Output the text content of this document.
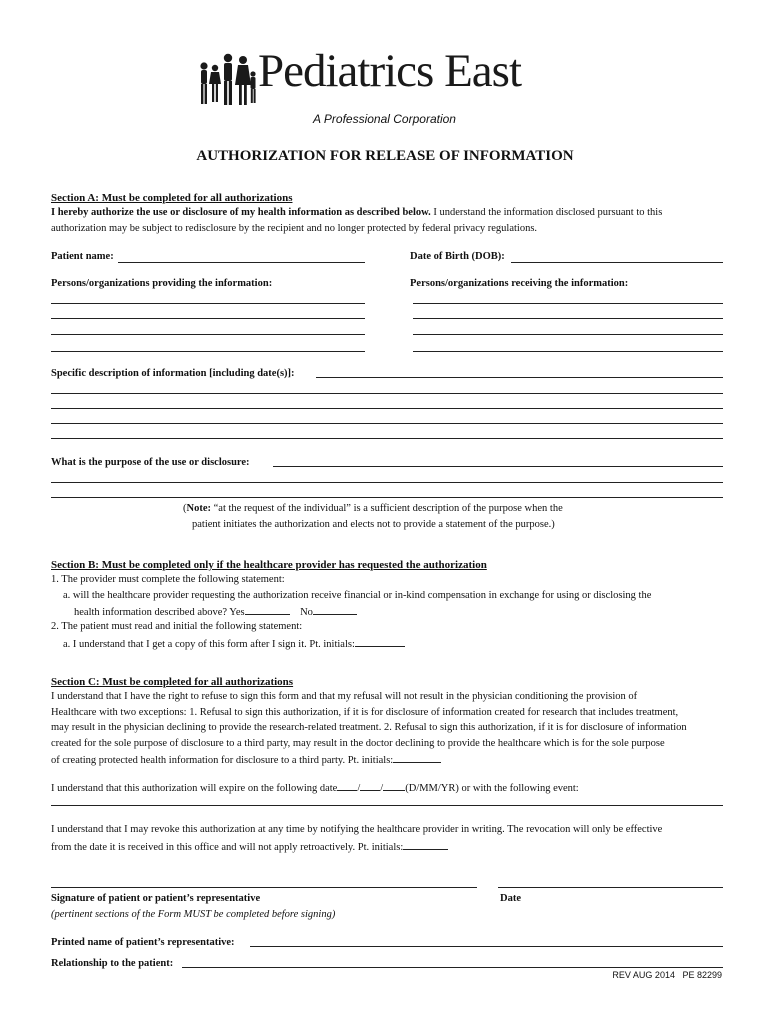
Pediatrics East
A Professional Corporation
AUTHORIZATION FOR RELEASE OF INFORMATION
Section A: Must be completed for all authorizations
I hereby authorize the use or disclosure of my health information as described below. I understand the information disclosed pursuant to this
authorization may be subject to redisclosure by the recipient and no longer protected by federal privacy regulations.
Patient name:	Date of Birth (DOB):
Persons/organizations providing the information:	Persons/organizations receiving the information:
Specific description of information [including date(s)]:
What is the purpose of the use or disclosure:
(Note: “at the request of the individual” is a sufficient description of the purpose when the
patient initiates the authorization and elects not to provide a statement of the purpose.)
Section B: Must be completed only if the healthcare provider has requested the authorization
1. The provider must complete the following statement:
a. will the healthcare provider requesting the authorization receive financial or in-kind compensation in exchange for using or disclosing the
health information described above? Yes	No
2. The patient must read and initial the following statement:
a. I understand that I get a copy of this form after I sign it. Pt. initials:
Section C: Must be completed for all authorizations
I understand that I have the right to refuse to sign this form and that my refusal will not result in the physician conditioning the provision of
Healthcare with two exceptions: 1. Refusal to sign this authorization, if it is for disclosure of information created for research that includes treatment,
may result in the physician declining to provide the research-related treatment. 2. Refusal to sign this authorization, if it is for disclosure of information
created for the sole purpose of disclosure to a third party, may result in the doctor declining to provide the healthcare which is for the sole purpose
of creating protected health information for disclosure to a third party. Pt. initials:
I understand that this authorization will expire on the following date / / (D/MM/YR) or with the following event:
I understand that I may revoke this authorization at any time by notifying the healthcare provider in writing. The revocation will only be effective
from the date it is received in this office and will not apply retroactively. Pt. initials:
Signature of patient or patient’s representative	Date
(pertinent sections of the Form MUST be completed before signing)
Printed name of patient’s representative:
Relationship to the patient:
REV AUG 2014   PE 82299
